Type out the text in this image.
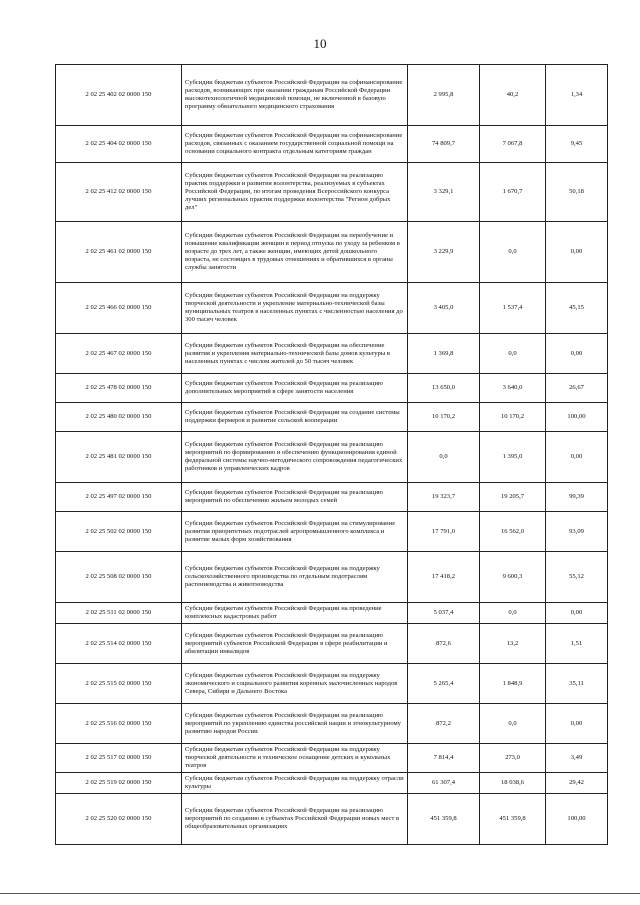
10
2 02 25 402 02 0000 150	Субсидии бюджетам субъектов Российской Федерации на софинансирование расходов, возникающих при оказании гражданам Российской Федерации высокотехнологичной медицинской помощи, не включенной в базовую программу обязательного медицинского страхования	2 995,8	40,2	1,34
2 02 25 404 02 0000 150	Субсидии бюджетам субъектов Российской Федерации на софинансирование расходов, связанных с оказанием государственной социальной помощи на основании социального контракта отдельным категориям граждан	74 809,7	7 067,8	9,45
2 02 25 412 02 0000 150	Субсидии бюджетам субъектов Российской Федерации на реализацию практик поддержки и развития волонтерства, реализуемых в субъектах Российской Федерации, по итогам проведения Всероссийского конкурса лучших региональных практик поддержки волонтерства "Регион добрых дел"	3 329,1	1 670,7	50,18
2 02 25 461 02 0000 150	Субсидии бюджетам субъектов Российской Федерации на переобучение и повышение квалификации женщин в период отпуска по уходу за ребенком в возрасте до трех лет, а также женщин, имеющих детей дошкольного возраста, не состоящих в трудовых отношениях и обратившихся в органы службы занятости	3 229,9	0,0	0,00
2 02 25 466 02 0000 150	Субсидии бюджетам субъектов Российской Федерации на поддержку творческой деятельности и укрепление материально-технической базы муниципальных театров в населенных пунктах с численностью населения до 300 тысяч человек	3 405,0	1 537,4	45,15
2 02 25 467 02 0000 150	Субсидии бюджетам субъектов Российской Федерации на обеспечение развития и укрепления материально-технической базы домов культуры в населенных пунктах с числом жителей до 50 тысяч человек	1 369,8	0,0	0,00
2 02 25 478 02 0000 150	Субсидии бюджетам субъектов Российской Федерации на реализацию дополнительных мероприятий в сфере занятости населения	13 650,0	3 640,0	26,67
2 02 25 480 02 0000 150	Субсидии бюджетам субъектов Российской Федерации на создание системы поддержки фермеров и развитие сельской кооперации	10 170,2	10 170,2	100,00
2 02 25 481 02 0000 150	Субсидии бюджетам субъектов Российской Федерации на реализацию мероприятий по формированию и обеспечению функционирования единой федеральной системы научно-методического сопровождения педагогических работников и управленческих кадров	0,0	1 395,0	0,00
2 02 25 497 02 0000 150	Субсидии бюджетам субъектов Российской Федерации на реализацию мероприятий по обеспечению жильем молодых семей	19 323,7	19 205,7	99,39
2 02 25 502 02 0000 150	Субсидии бюджетам субъектов Российской Федерации на стимулирование развития приоритетных подотраслей агропромышленного комплекса и развитие малых форм хозяйствования	17 791,0	16 562,0	93,09
2 02 25 508 02 0000 150	Субсидии бюджетам субъектов Российской Федерации на поддержку сельскохозяйственного производства по отдельным подотраслям растениеводства и животноводства	17 418,2	9 600,3	55,12
2 02 25 511 02 0000 150	Субсидии бюджетам субъектов Российской Федерации на проведение комплексных кадастровых работ	5 037,4	0,0	0,00
2 02 25 514 02 0000 150	Субсидии бюджетам субъектов Российской Федерации на реализацию мероприятий субъектов Российской Федерации в сфере реабилитации и абилитации инвалидов	872,6	13,2	1,51
2 02 25 515 02 0000 150	Субсидии бюджетам субъектов Российской Федерации на поддержку экономического и социального развития коренных малочисленных народов Севера, Сибири и Дальнего Востока	5 265,4	1 848,9	35,11
2 02 25 516 02 0000 150	Субсидии бюджетам субъектов Российской Федерации на реализацию мероприятий по укреплению единства российской нации и этнокультурному развитию народов России	872,2	0,0	0,00
2 02 25 517 02 0000 150	Субсидии бюджетам субъектов Российской Федерации на поддержку творческой деятельности и техническое оснащение детских и кукольных театров	7 814,4	273,0	3,49
2 02 25 519 02 0000 150	Субсидии бюджетам субъектов Российской Федерации на поддержку отрасли культуры	61 307,4	18 038,6	29,42
2 02 25 520 02 0000 150	Субсидии бюджетам субъектов Российской Федерации на реализацию мероприятий по созданию в субъектах Российской Федерации новых мест в общеобразовательных организациях	451 359,8	451 359,8	100,00
